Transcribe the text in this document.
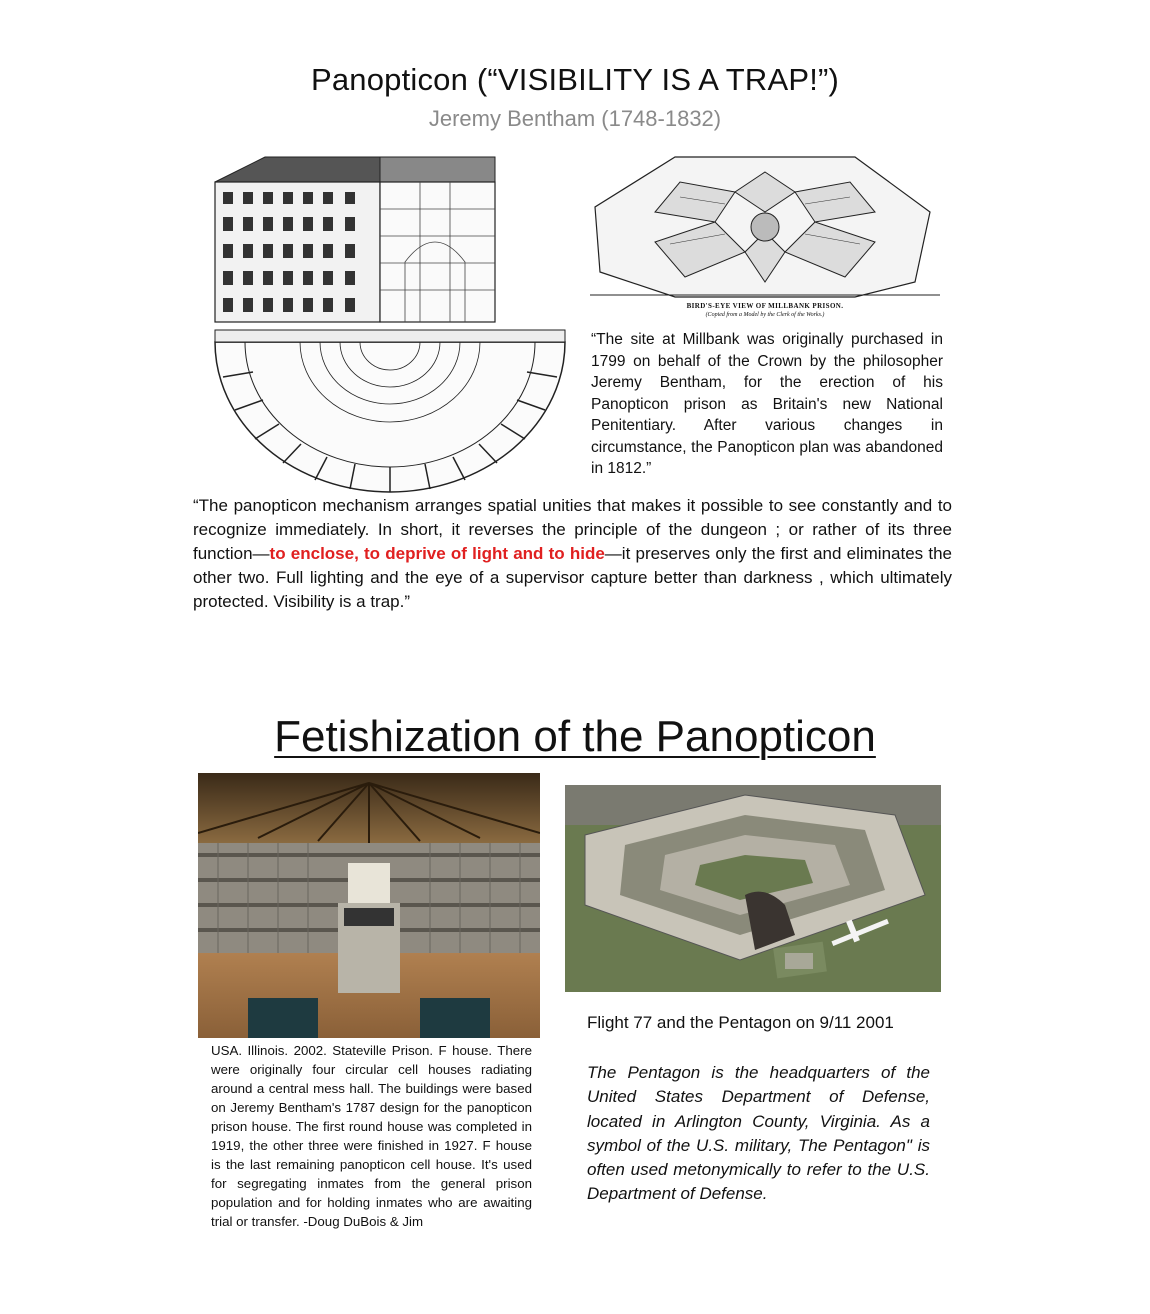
Panopticon (“VISIBILITY IS A TRAP!”)
Jeremy Bentham (1748-1832)
BIRD'S-EYE VIEW OF MILLBANK PRISON.
(Copied from a Model by the Clerk of the Works.)
“The site at Millbank was originally purchased in 1799 on behalf of the Crown by the philosopher Jeremy Bentham, for the erection of his Panopticon prison as Britain's new National Penitentiary. After various changes in circumstance, the Panopticon plan was abandoned in 1812.”
“The panopticon mechanism arranges spatial unities that makes it possible to see constantly and to recognize immediately. In short, it reverses the principle of the dungeon ; or rather of its three function—to enclose, to deprive of light and to hide—it preserves only the first and eliminates the other two. Full lighting and the eye of a supervisor capture better than darkness , which ultimately protected. Visibility is a trap.”
Fetishization of the Panopticon
USA. Illinois. 2002. Stateville Prison. F house. There were originally four circular cell houses radiating around a central mess hall. The buildings were based on Jeremy Bentham's 1787 design for the panopticon prison house. The first round house was completed in 1919, the other three were finished in 1927. F house is the last remaining panopticon cell house. It's used for segregating inmates from the general prison population and for holding inmates who are awaiting trial or transfer. -Doug DuBois & Jim
Flight 77 and the Pentagon on 9/11 2001
The Pentagon is the headquarters of the United States Department of Defense, located in Arlington County, Virginia. As a symbol of the U.S. military, The Pentagon" is often used metonymically to refer to the U.S. Department of Defense.
